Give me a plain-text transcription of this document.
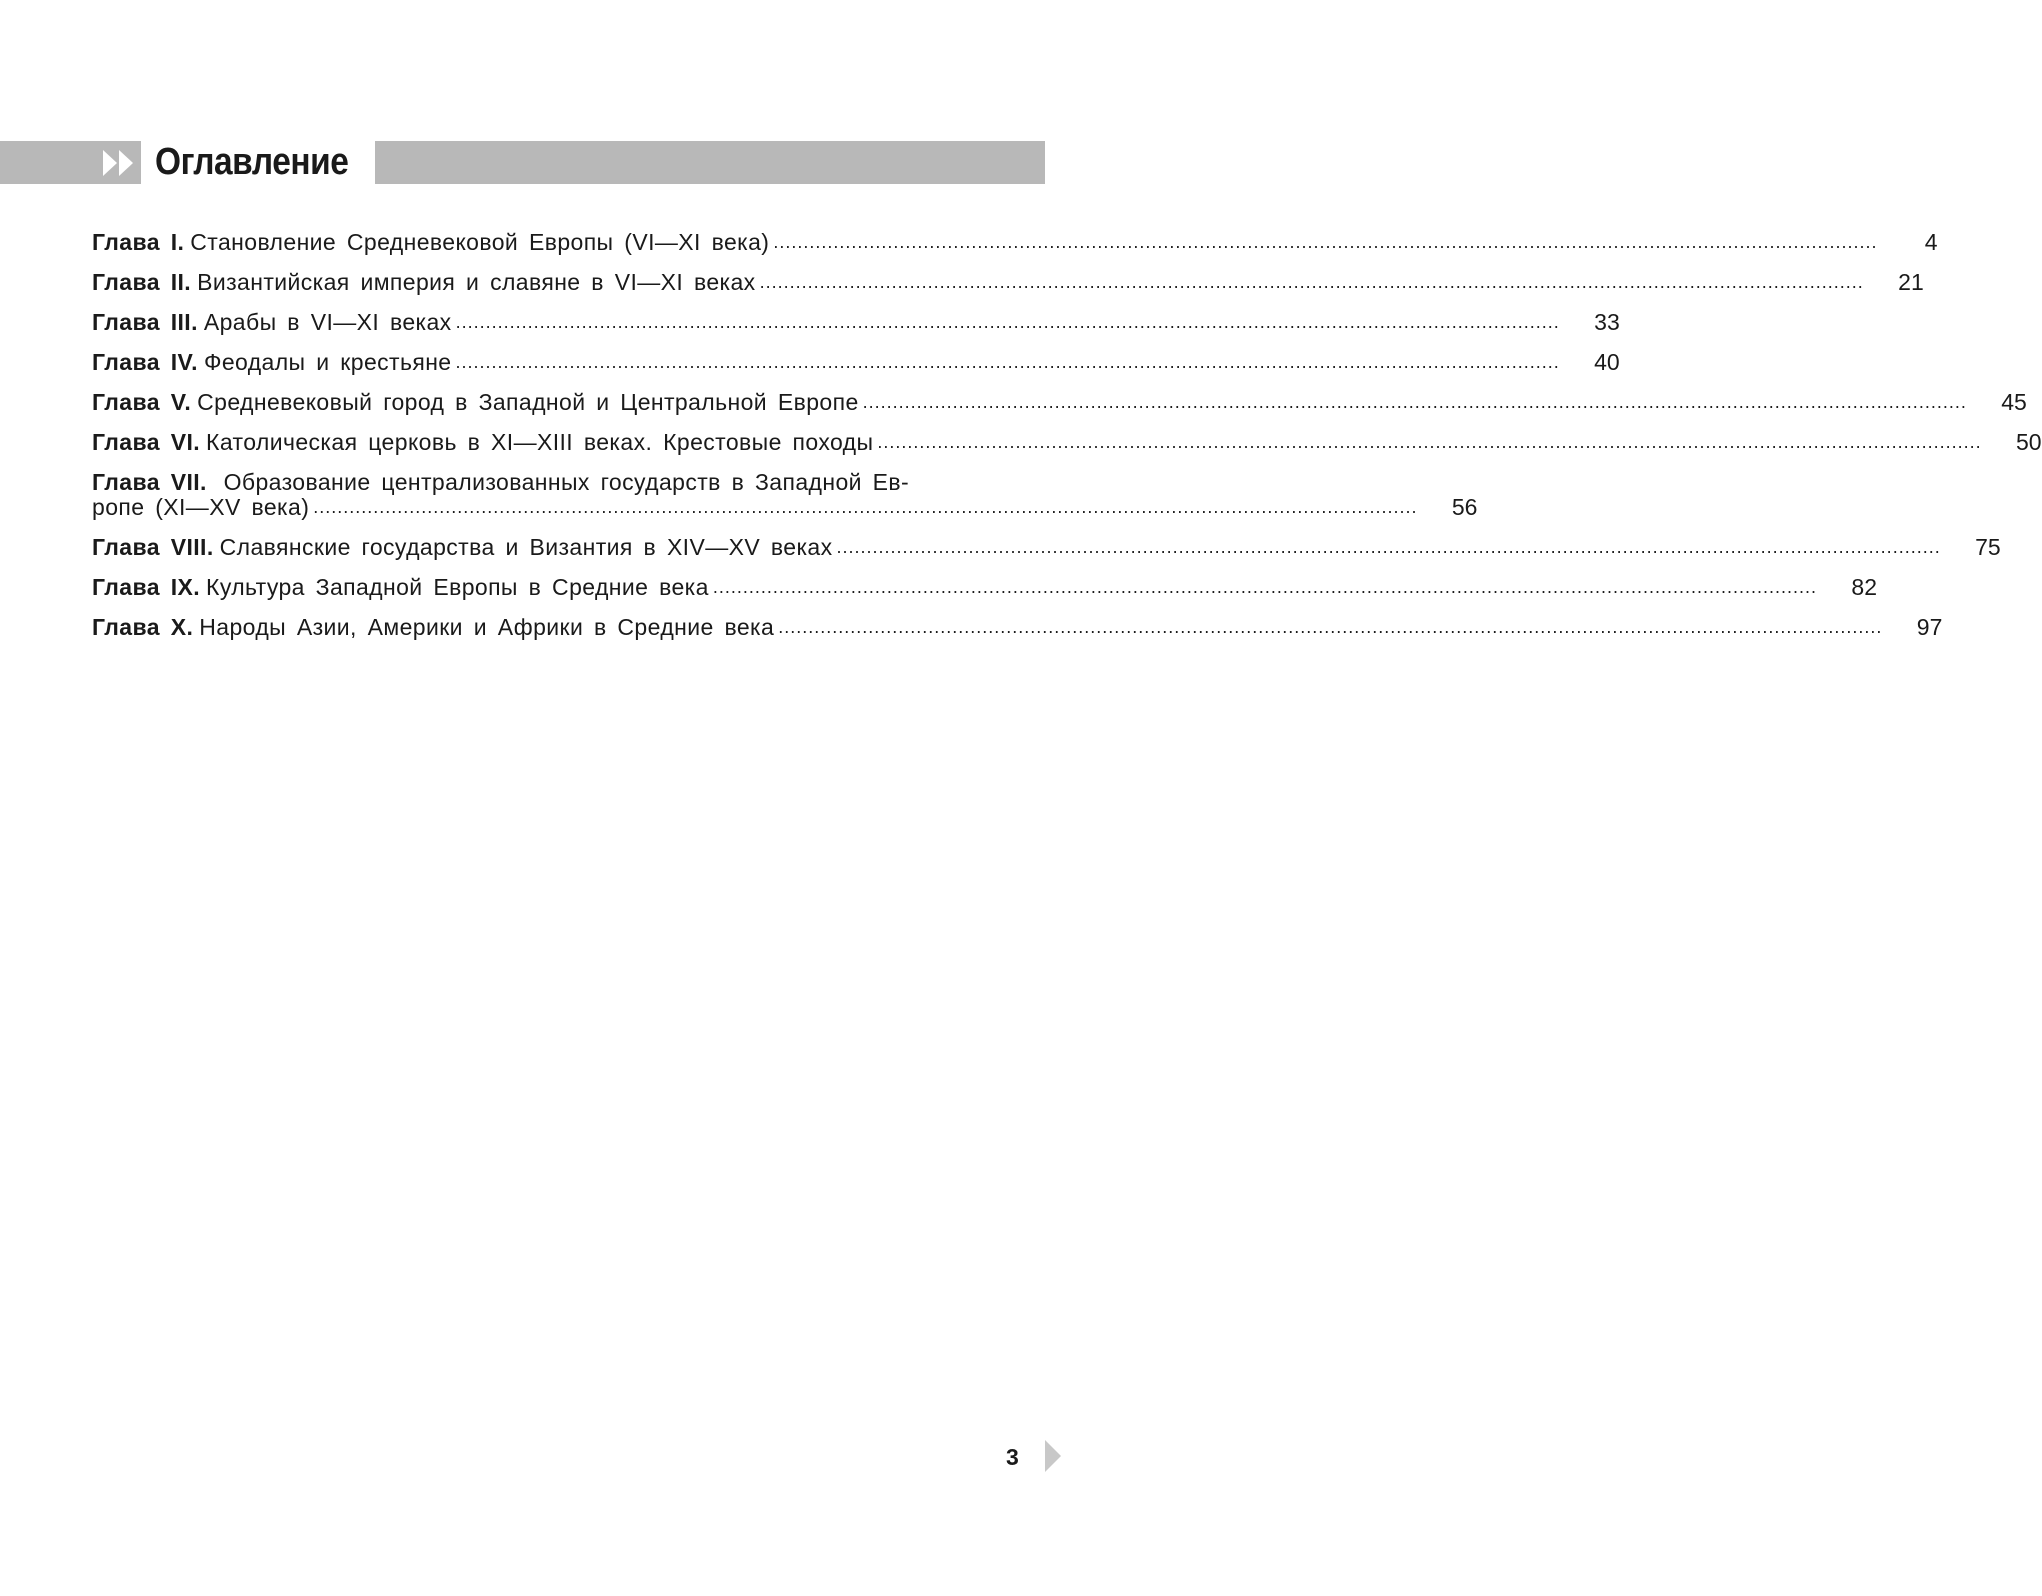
Оглавление
Глава I. Становление Средневековой Европы (VI—XI века) .....	4
Глава II. Византийская империя и славяне в VI—XI веках .....	21
Глава III. Арабы в VI—XI веках .....	33
Глава IV. Феодалы и крестьяне .....	40
Глава V. Средневековый город в Западной и Центральной Европе .....	45
Глава VI. Католическая церковь в XI—XIII веках. Крестовые походы .....	50
Глава VII. Образование централизованных государств в Западной Ев-
ропе (XI—XV века) .....	56
Глава VIII. Славянские государства и Византия в XIV—XV веках .....	75
Глава IX. Культура Западной Европы в Средние века .....	82
Глава X. Народы Азии, Америки и Африки в Средние века .....	97
3
